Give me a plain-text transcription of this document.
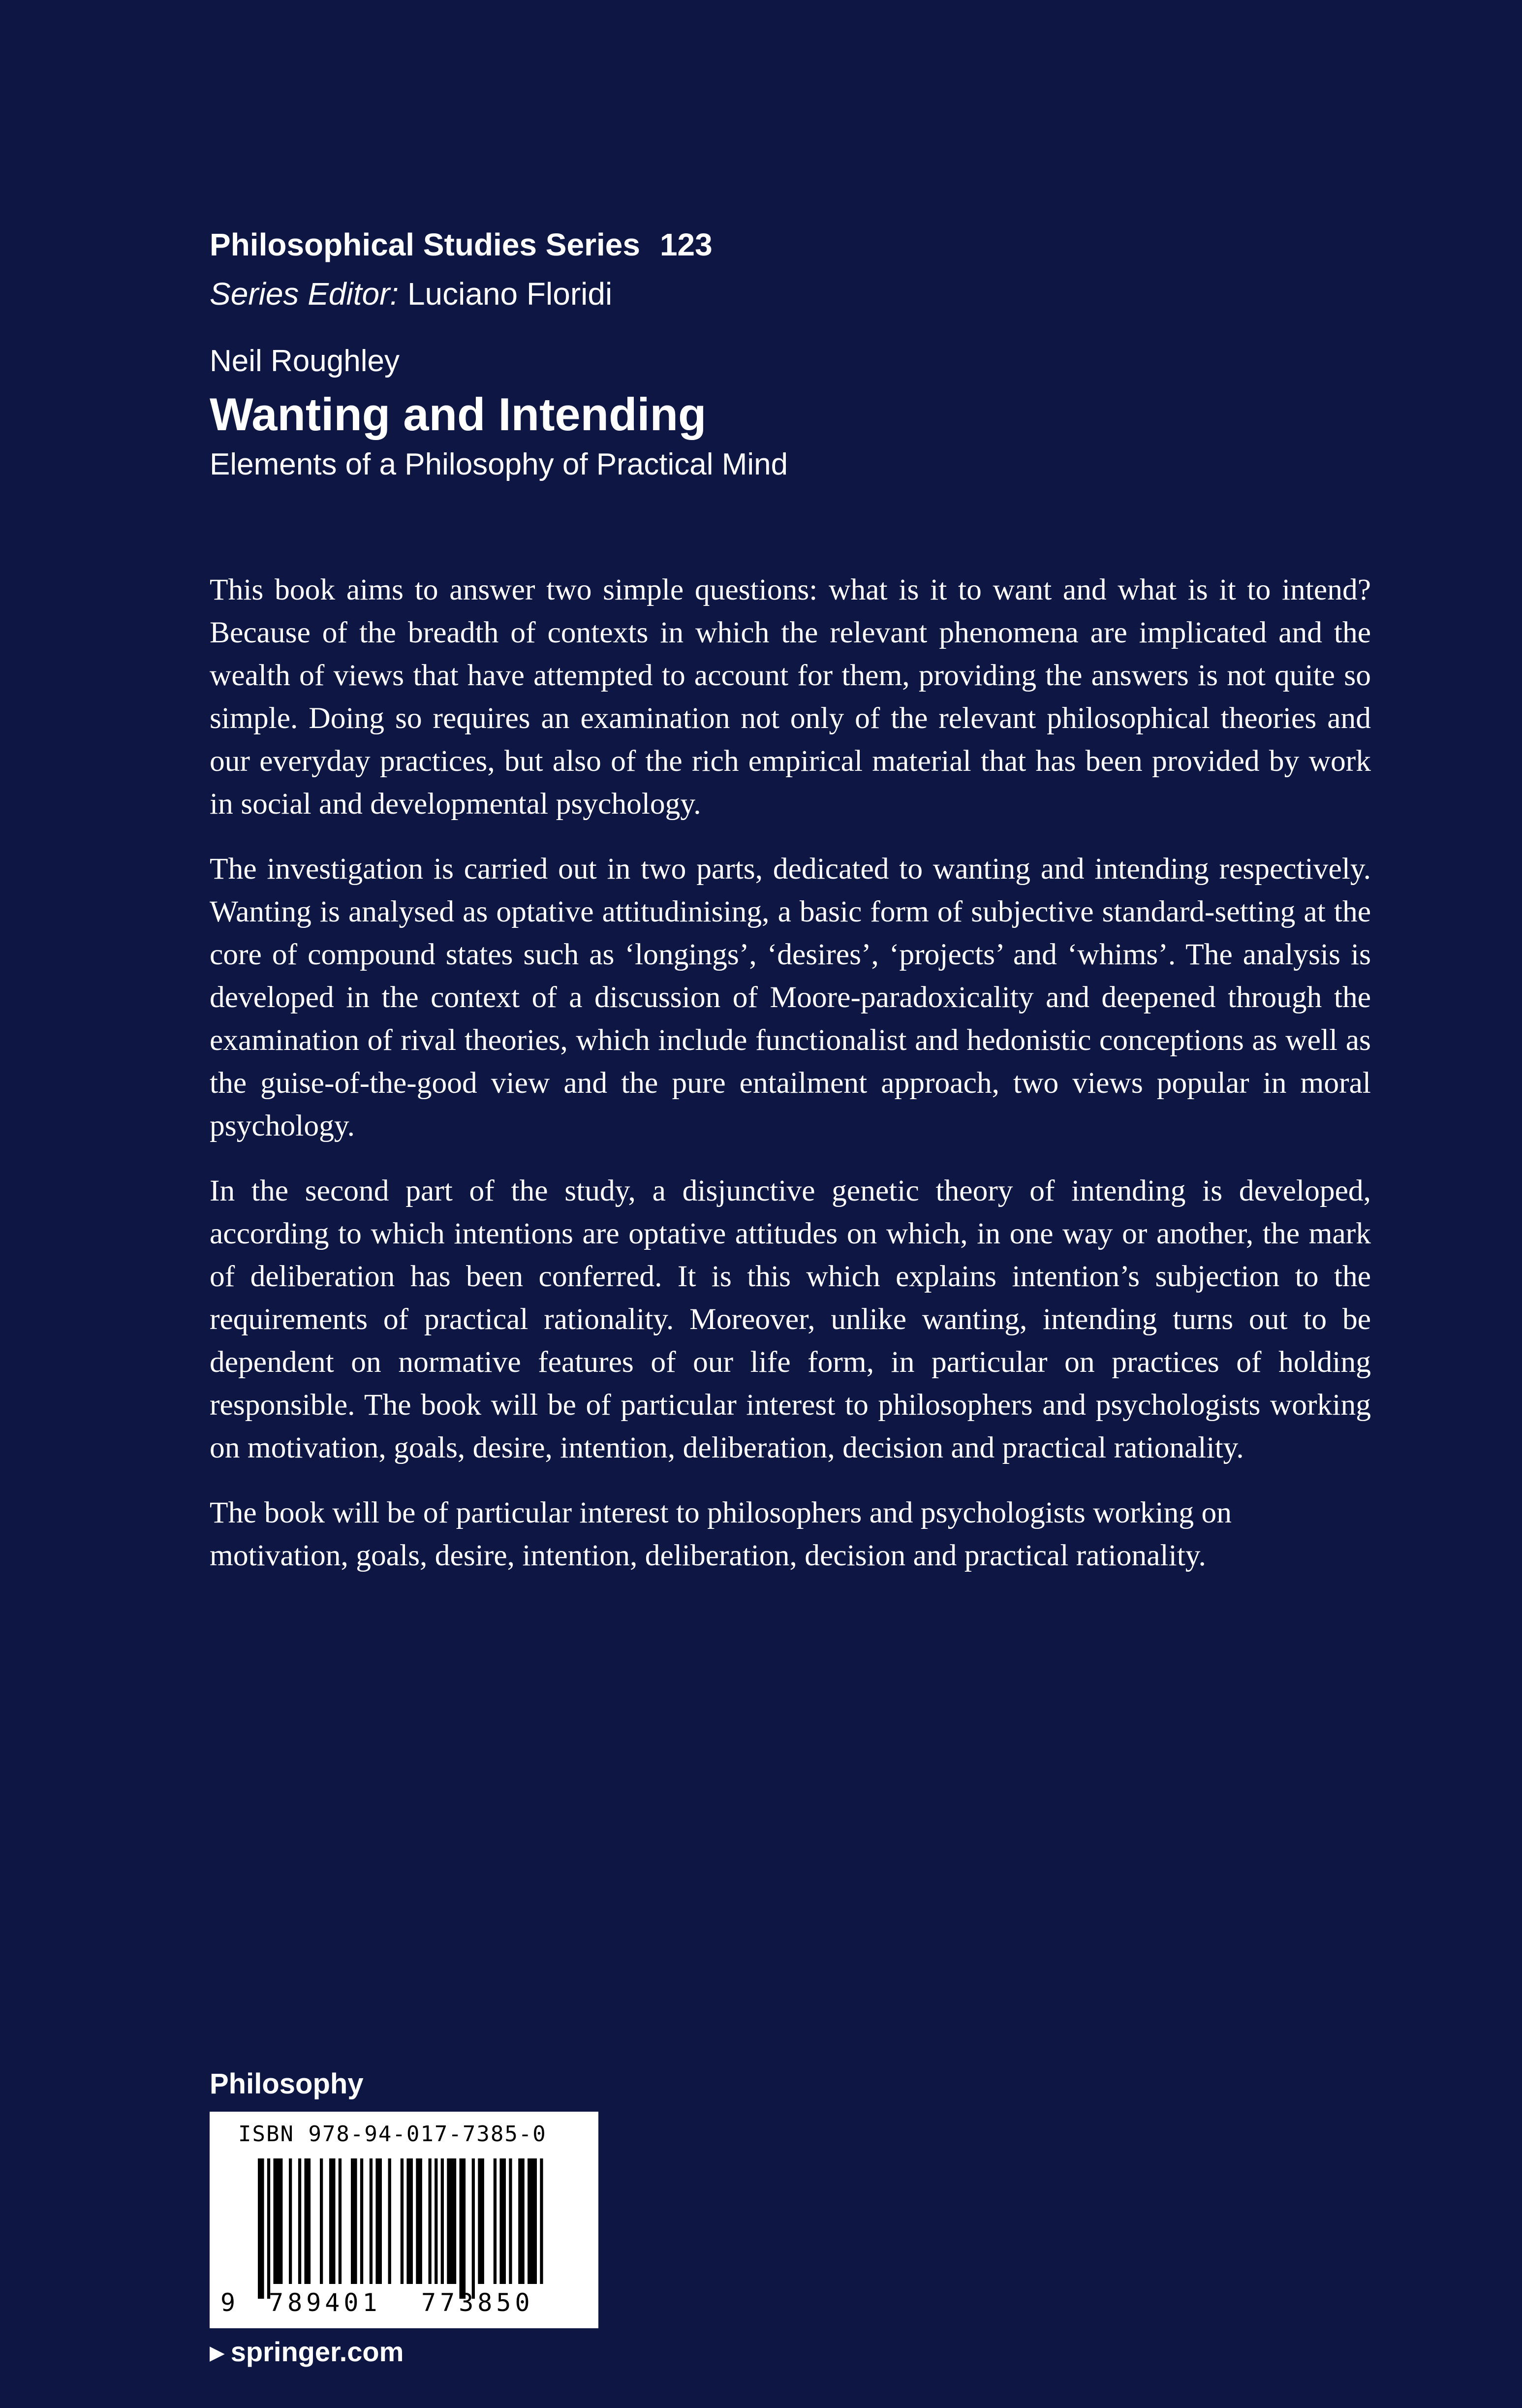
Philosophical Studies Series 123
Series Editor: Luciano Floridi
Neil Roughley
Wanting and Intending
Elements of a Philosophy of Practical Mind

This book aims to answer two simple questions: what is it to want and what is it to intend? Because of the breadth of contexts in which the relevant phenomena are implicated and the wealth of views that have attempted to account for them, providing the answers is not quite so simple. Doing so requires an examination not only of the relevant philosophical theories and our everyday practices, but also of the rich empirical material that has been provided by work in social and developmental psychology.

The investigation is carried out in two parts, dedicated to wanting and intending respectively. Wanting is analysed as optative attitudinising, a basic form of subjective standard-setting at the core of compound states such as ‘longings’, ‘desires’, ‘projects’ and ‘whims’. The analysis is developed in the context of a discussion of Moore-paradoxicality and deepened through the examination of rival theories, which include functionalist and hedonistic conceptions as well as the guise-of-the-good view and the pure entailment approach, two views popular in moral psychology.

In the second part of the study, a disjunctive genetic theory of intending is developed, according to which intentions are optative attitudes on which, in one way or another, the mark of deliberation has been conferred. It is this which explains intention’s subjection to the requirements of practical rationality. Moreover, unlike wanting, intending turns out to be dependent on normative features of our life form, in particular on practices of holding responsible. The book will be of particular interest to philosophers and psychologists working on motivation, goals, desire, intention, deliberation, decision and practical rationality.

The book will be of particular interest to philosophers and psychologists working on motivation, goals, desire, intention, deliberation, decision and practical rationality.

Philosophy
ISBN 978-94-017-7385-0
9 789401 773850
▶ springer.com
